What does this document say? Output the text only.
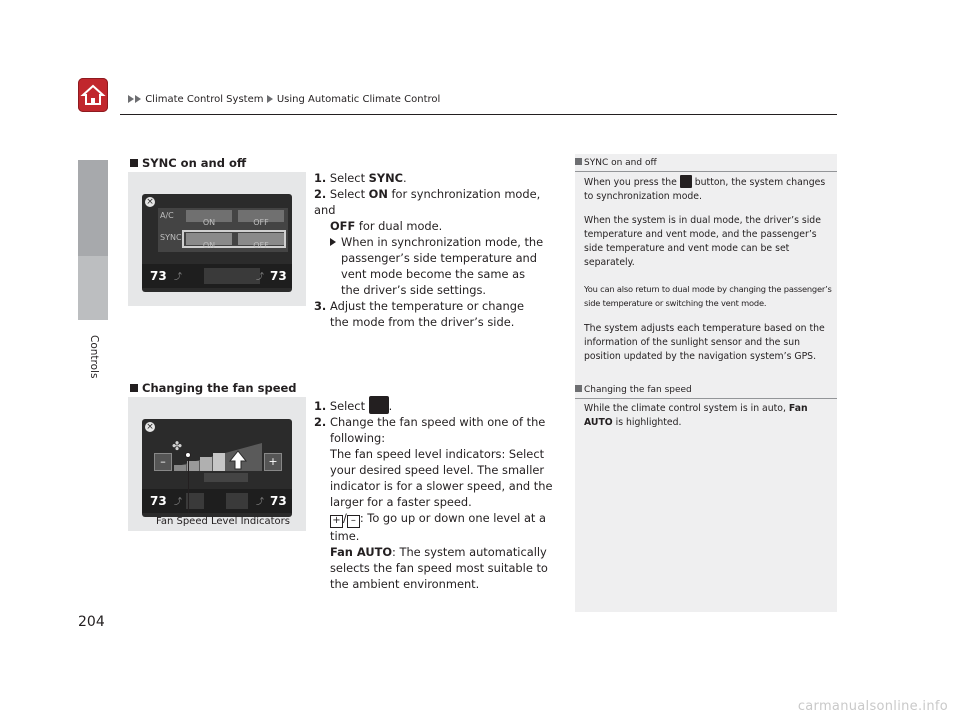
Climate Control System Using Automatic Climate Control
Controls
SYNC on and off
×
A/C
ON	OFF
SYNC
ON	OFF
73 ⤴	⤴ 73
1. Select SYNC.
2. Select ON for synchronization mode, and
OFF for dual mode.
When in synchronization mode, the passenger’s side temperature and vent mode become the same as the driver’s side settings.
3. Adjust the temperature or change the mode from the driver’s side.
SYNC on and off
When you press the  button, the system changes to synchronization mode.
When the system is in dual mode, the driver’s side temperature and vent mode, and the passenger’s side temperature and vent mode can be set separately.
You can also return to dual mode by changing the passenger’s side temperature or switching the vent mode.
The system adjusts each temperature based on the information of the sunlight sensor and the sun position updated by the navigation system’s GPS.
Changing the fan speed
×
✤
–	+
73 ⤴	⤴ 73
Fan Speed Level Indicators
1. Select .
2. Change the fan speed with one of the following:
The fan speed level indicators: Select your desired speed level. The smaller indicator is for a slower speed, and the larger for a faster speed.
+ / – : To go up or down one level at a time.
Fan AUTO: The system automatically selects the fan speed most suitable to the ambient environment.
Changing the fan speed
While the climate control system is in auto, Fan AUTO is highlighted.
204
carmanualsonline.info
